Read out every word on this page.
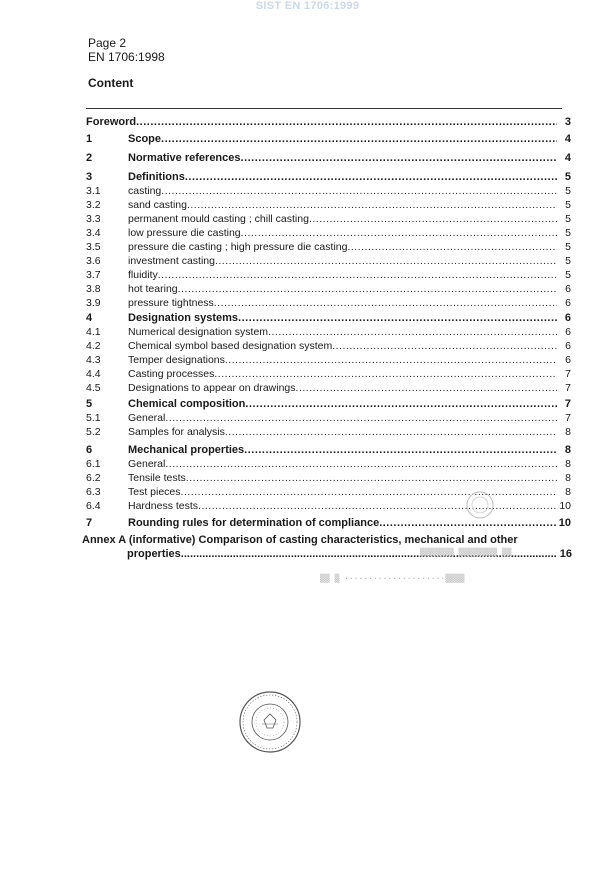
SIST EN 1706:1999
Page 2
EN 1706:1998
Content
Foreword .....	3
1	Scope .....	4
2	Normative references .....	4
3	Definitions .....	5
3.1	casting .....	5
3.2	sand casting .....	5
3.3	permanent mould casting ; chill casting .....	5
3.4	low pressure die casting .....	5
3.5	pressure die casting ; high pressure die casting .....	5
3.6	investment casting .....	5
3.7	fluidity .....	5
3.8	hot tearing .....	6
3.9	pressure tightness .....	6
4	Designation systems .....	6
4.1	Numerical designation system .....	6
4.2	Chemical symbol based designation system .....	6
4.3	Temper designations .....	6
4.4	Casting processes .....	7
4.5	Designations to appear on drawings .....	7
5	Chemical composition .....	7
5.1	General .....	7
5.2	Samples for analysis .....	8
6	Mechanical properties .....	8
6.1	General .....	8
6.2	Tensile tests .....	8
6.3	Test pieces .....	8
6.4	Hardness tests .....	10
7	Rounding rules for determination of compliance .....	10
Annex A (informative) Comparison of casting characteristics, mechanical and other
properties .....	16
▒▒ ▒ ·····················▒▒▒▒
▒▒▒▒▒▒▒ ▒▒▒▒▒▒▒▒ ▒▒
